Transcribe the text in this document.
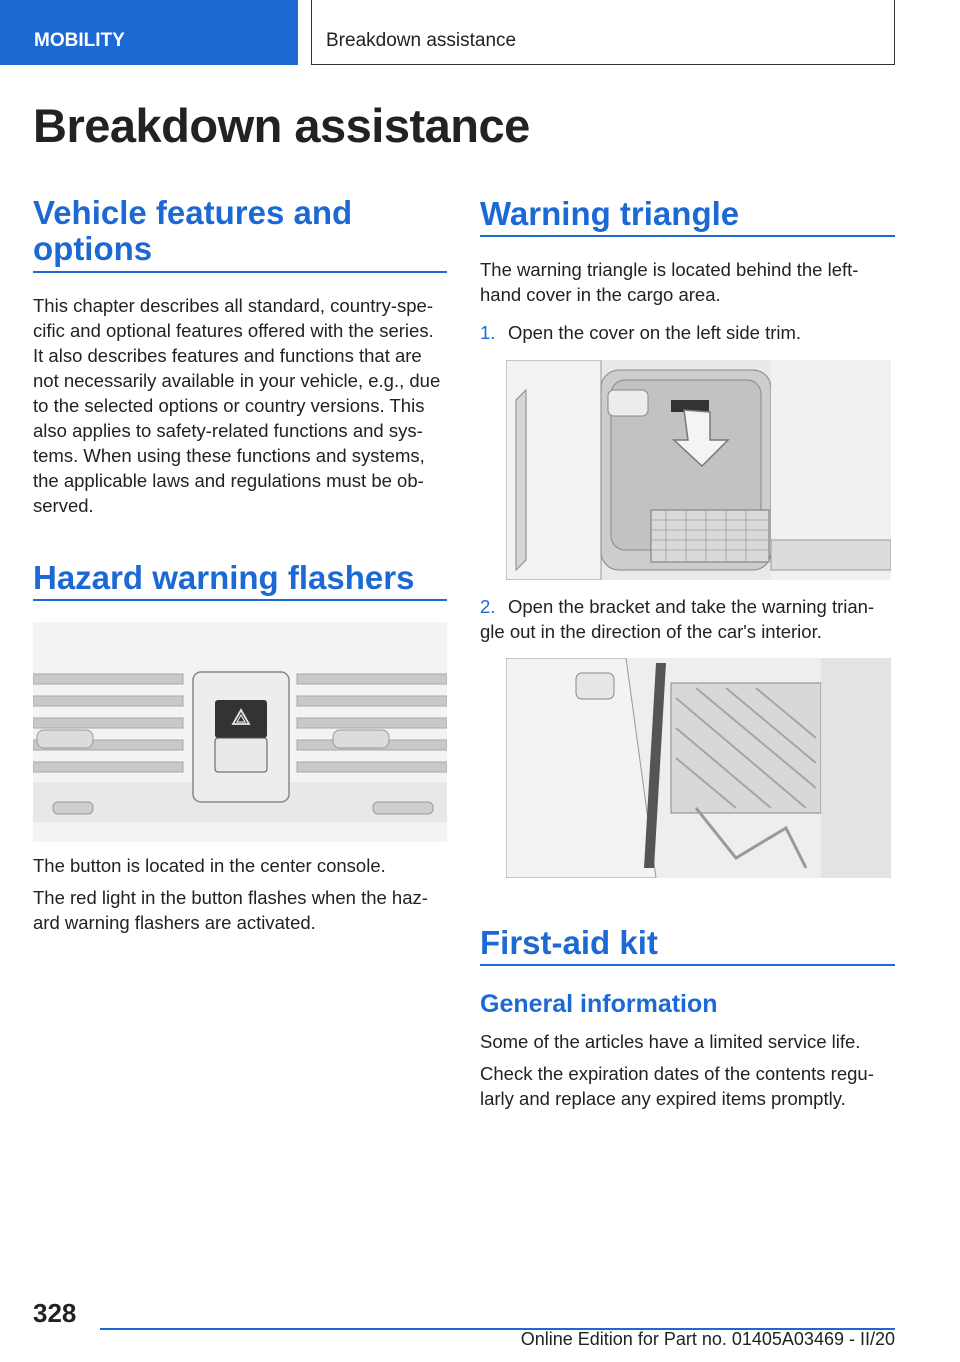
MOBILITY	Breakdown assistance
Breakdown assistance
Vehicle features and
options

This chapter describes all standard, country-spe-cific and optional features offered with the series. It also describes features and functions that are not necessarily available in your vehicle, e.g., due to the selected options or country versions. This also applies to safety-related functions and sys-tems. When using these functions and systems, the applicable laws and regulations must be ob-served.

Hazard warning flashers

The button is located in the center console.

The red light in the button flashes when the haz-ard warning flashers are activated.

Warning triangle

The warning triangle is located behind the left-hand cover in the cargo area.

1. Open the cover on the left side trim.

2. Open the bracket and take the warning trian-gle out in the direction of the car's interior.

First-aid kit
General information

Some of the articles have a limited service life.

Check the expiration dates of the contents regu-larly and replace any expired items promptly.

328
Online Edition for Part no. 01405A03469 - II/20
